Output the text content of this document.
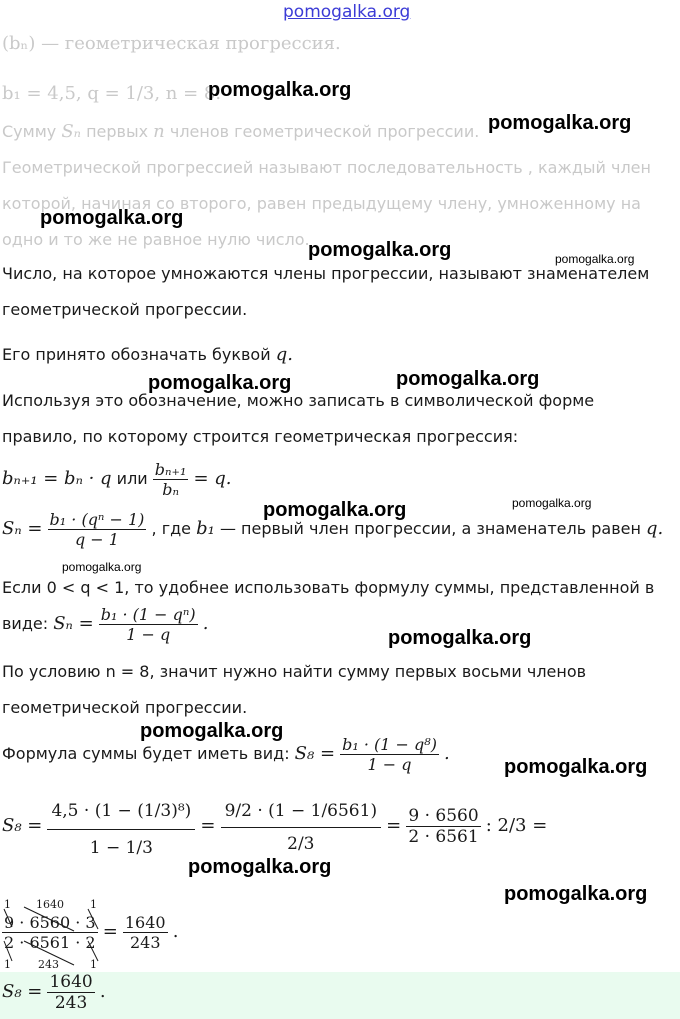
pomogalka.org
(bₙ) — геометрическая прогрессия.
b₁ = 4,5, q = 1/3, n = 8.
Сумму Sₙ первых n членов геометрической прогрессии.
Геометрической прогрессией называют последовательность , каждый член
которой, начиная со второго, равен предыдущему члену, умноженному на
одно и то же не равное нулю число.
Число, на которое умножаются члены прогрессии, называют знаменателем
геометрической прогрессии.
Его принято обозначать буквой q.
Используя это обозначение, можно записать в символической форме
правило, по которому строится геометрическая прогрессия:
bₙ₊₁ = bₙ · q или $\frac{\text{bₙ₊₁}}{\text{bₙ}} = q$.
$S_n = \frac{\text{b₁ · (qⁿ − 1)}}{q - 1}$ , где b₁ — первый член прогрессии, а знаменатель равен q.
Если 0 < q < 1, то удобнее использовать формулу суммы, представленной в
виде: $S_n = \frac{\text{b₁ · (1 − qⁿ)}}{1 - q}$ .
По условию n = 8, значит нужно найти сумму первых восьми членов
геометрической прогрессии.
Формула суммы будет иметь вид: $S_8 = \frac{\text{b₁ · (1 − q⁸)}}{1 - q}$ .
$S_8 = \frac{\text{4,5 · (1 − (1/3)⁸)}}{1 - 1/3} = \frac{9/2 \cdot (1 - 1/6561)}{2/3} = \frac{9 \cdot 6560}{2 \cdot 6561}$ : 2/3 =
1 1640 1
1 243	1
$\frac{9 \cdot 6560 \cdot 3}{2 \cdot 6561 \cdot 2} = \frac{1640}{243}$ .
$S_8 = \frac{1640}{243}$ .
pomogalka.org
pomogalka.org
pomogalka.org
pomogalka.org	pomogalka.org
pomogalka.org	pomogalka.org
pomogalka.org
pomogalka.org
pomogalka.org
pomogalka.org
pomogalka.org
pomogalka.org
pomogalka.org
pomogalka.org
